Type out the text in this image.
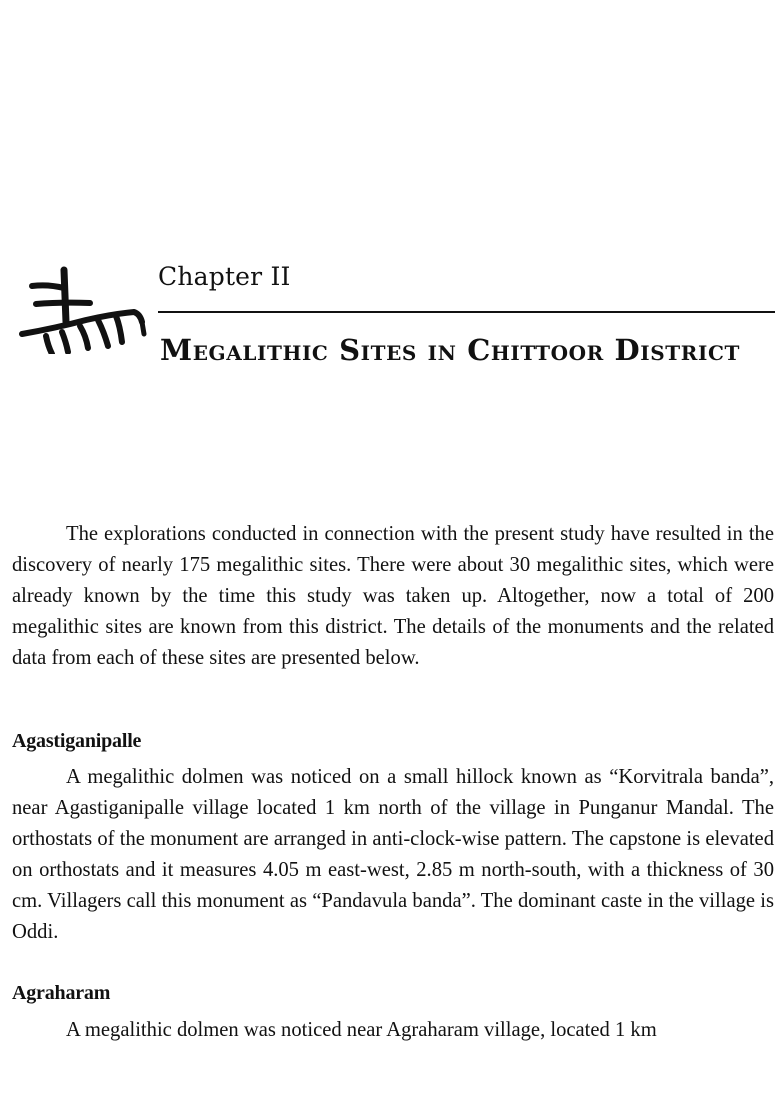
Chapter II
Megalithic Sites in Chittoor District

The explorations conducted in connection with the present study have resulted in the discovery of nearly 175 megalithic sites. There were about 30 megalithic sites, which were already known by the time this study was taken up. Altogether, now a total of 200 megalithic sites are known from this district. The details of the monuments and the related data from each of these sites are presented below.

Agastiganipalle

A megalithic dolmen was noticed on a small hillock known as “Korvitrala banda”, near Agastiganipalle village located 1 km north of the village in Punganur Mandal. The orthostats of the monument are arranged in anti-clock-wise pattern. The capstone is elevated on orthostats and it measures 4.05 m east-west, 2.85 m north-south, with a thickness of 30 cm. Villagers call this monument as “Pandavula banda”. The dominant caste in the village is Oddi.

Agraharam

A megalithic dolmen was noticed near Agraharam village, located 1 km
